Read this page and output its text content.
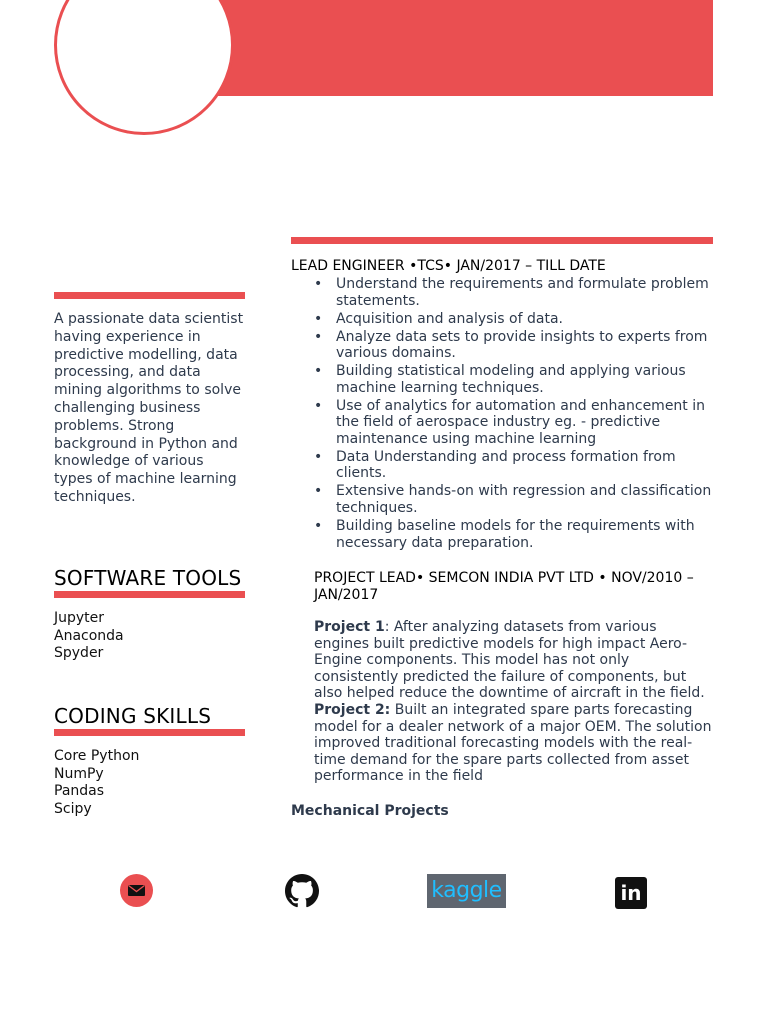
A passionate data scientist having experience in predictive modelling, data processing, and data mining algorithms to solve challenging business problems. Strong background in Python and knowledge of various types of machine learning techniques.
SOFTWARE TOOLS
Jupyter
Anaconda
Spyder
CODING SKILLS
Core Python
NumPy
Pandas
Scipy
LEAD ENGINEER •TCS• JAN/2017 – TILL DATE
• Understand the requirements and formulate problem statements.
• Acquisition and analysis of data.
• Analyze data sets to provide insights to experts from various domains.
• Building statistical modeling and applying various machine learning techniques.
• Use of analytics for automation and enhancement in the field of aerospace industry eg. - predictive maintenance using machine learning
• Data Understanding and process formation from clients.
• Extensive hands-on with regression and classification techniques.
• Building baseline models for the requirements with necessary data preparation.
PROJECT LEAD• SEMCON INDIA PVT LTD • NOV/2010 – JAN/2017
Project 1: After analyzing datasets from various engines built predictive models for high impact Aero-Engine components. This model has not only consistently predicted the failure of components, but also helped reduce the downtime of aircraft in the field.
Project 2: Built an integrated spare parts forecasting model for a dealer network of a major OEM. The solution improved traditional forecasting models with the real-time demand for the spare parts collected from asset performance in the field
Mechanical Projects
kaggle	in
